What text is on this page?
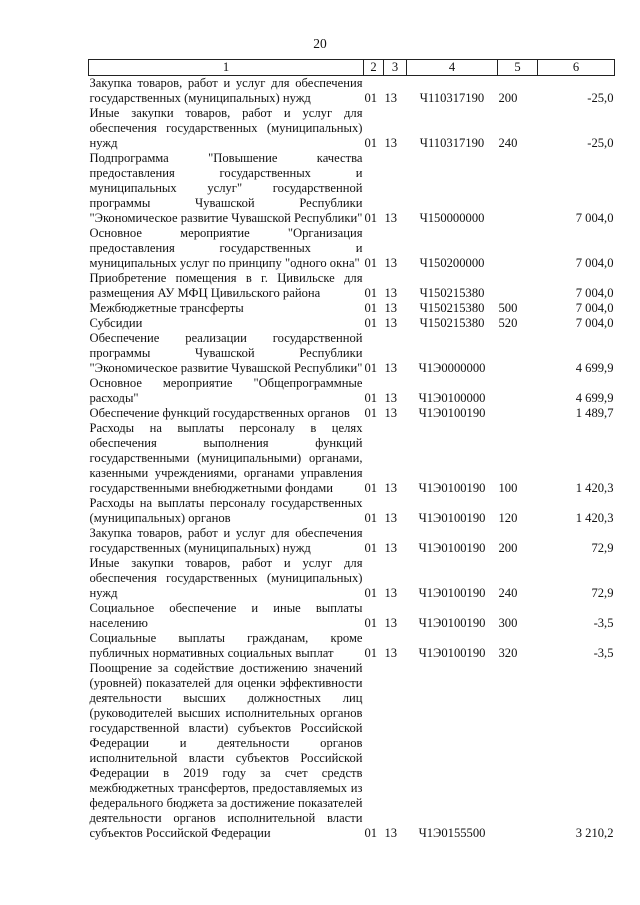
20
1	2	3	4	5	6
Закупка товаров, работ и услуг для обеспечения государственных (муниципальных) нужд	01	13	Ч110317190	200	-25,0
Иные закупки товаров, работ и услуг для обеспечения государственных (муниципальных) нужд	01	13	Ч110317190	240	-25,0
Подпрограмма "Повышение качества предоставления государственных и муниципальных услуг" государственной программы Чувашской Республики "Экономическое развитие Чувашской Республики"	01	13	Ч150000000		7 004,0
Основное мероприятие "Организация предоставления государственных и муниципальных услуг по принципу "одного окна"	01	13	Ч150200000		7 004,0
Приобретение помещения в г. Цивильске для размещения АУ МФЦ Цивильского района	01	13	Ч150215380		7 004,0
Межбюджетные трансферты	01	13	Ч150215380	500	7 004,0
Субсидии	01	13	Ч150215380	520	7 004,0
Обеспечение реализации государственной программы Чувашской Республики "Экономическое развитие Чувашской Республики"	01	13	Ч1Э0000000		4 699,9
Основное мероприятие "Общепрограммные расходы"	01	13	Ч1Э0100000		4 699,9
Обеспечение функций государственных органов	01	13	Ч1Э0100190		1 489,7
Расходы на выплаты персоналу в целях обеспечения выполнения функций государственными (муниципальными) органами, казенными учреждениями, органами управления государственными внебюджетными фондами	01	13	Ч1Э0100190	100	1 420,3
Расходы на выплаты персоналу государственных (муниципальных) органов	01	13	Ч1Э0100190	120	1 420,3
Закупка товаров, работ и услуг для обеспечения государственных (муниципальных) нужд	01	13	Ч1Э0100190	200	72,9
Иные закупки товаров, работ и услуг для обеспечения государственных (муниципальных) нужд	01	13	Ч1Э0100190	240	72,9
Социальное обеспечение и иные выплаты населению	01	13	Ч1Э0100190	300	-3,5
Социальные выплаты гражданам, кроме публичных нормативных социальных выплат	01	13	Ч1Э0100190	320	-3,5
Поощрение за содействие достижению значений (уровней) показателей для оценки эффективности деятельности высших должностных лиц (руководителей высших исполнительных органов государственной власти) субъектов Российской Федерации и деятельности органов исполнительной власти субъектов Российской Федерации в 2019 году за счет средств межбюджетных трансфертов, предоставляемых из федерального бюджета за достижение показателей деятельности органов исполнительной власти субъектов Российской Федерации	01	13	Ч1Э0155500		3 210,2
